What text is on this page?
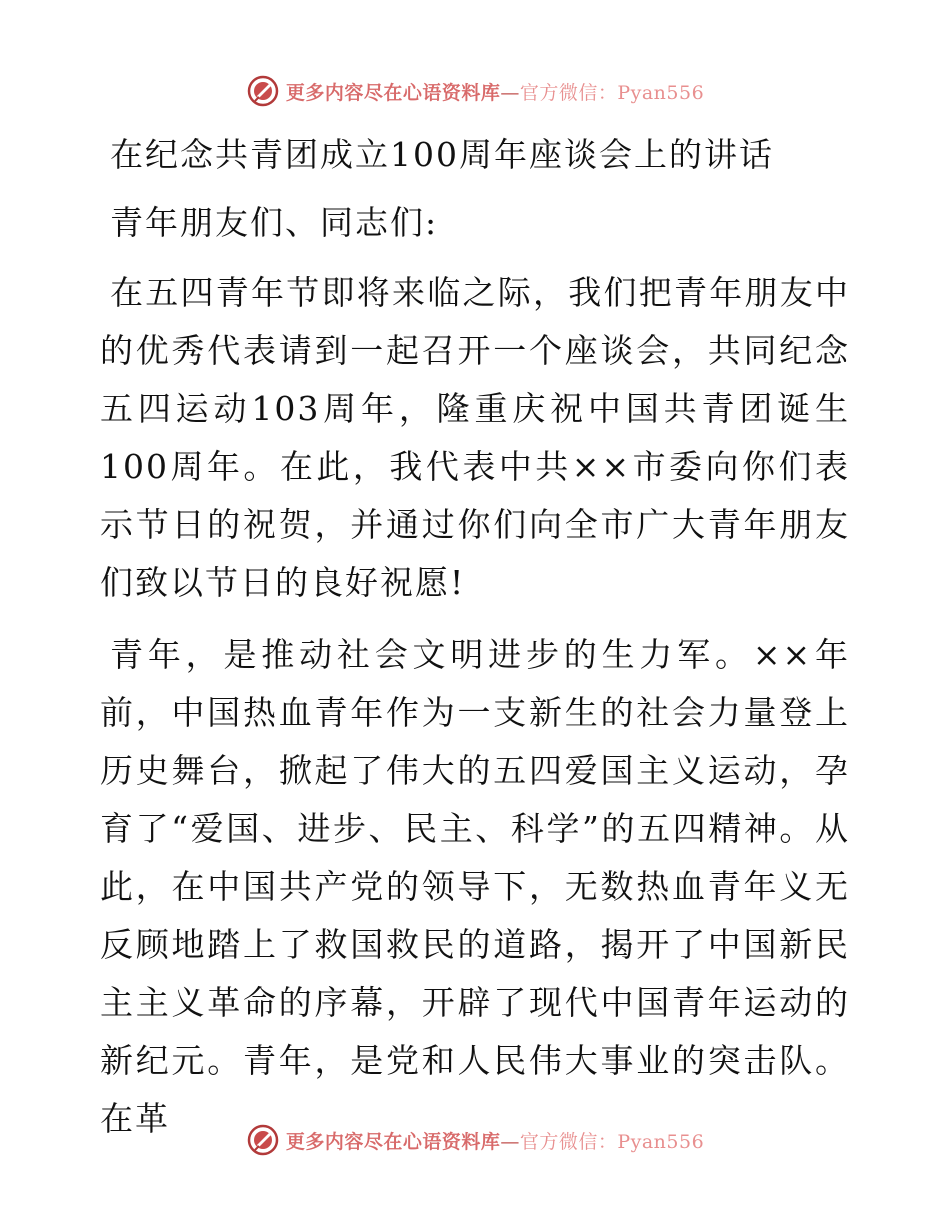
更多内容尽在心语资料库—官方微信：Pyan556
在纪念共青团成立100周年座谈会上的讲话
青年朋友们、同志们:

在五四青年节即将来临之际，我们把青年朋友中的优秀代表请到一起召开一个座谈会，共同纪念五四运动103周年，隆重庆祝中国共青团诞生100周年。在此，我代表中共××市委向你们表示节日的祝贺，并通过你们向全市广大青年朋友们致以节日的良好祝愿!

青年，是推动社会文明进步的生力军。××年前，中国热血青年作为一支新生的社会力量登上历史舞台，掀起了伟大的五四爱国主义运动，孕育了“爱国、进步、民主、科学”的五四精神。从此，在中国共产党的领导下，无数热血青年义无反顾地踏上了救国救民的道路，揭开了中国新民主主义革命的序幕，开辟了现代中国青年运动的新纪元。青年，是党和人民伟大事业的突击队。在革

更多内容尽在心语资料库—官方微信：Pyan556
